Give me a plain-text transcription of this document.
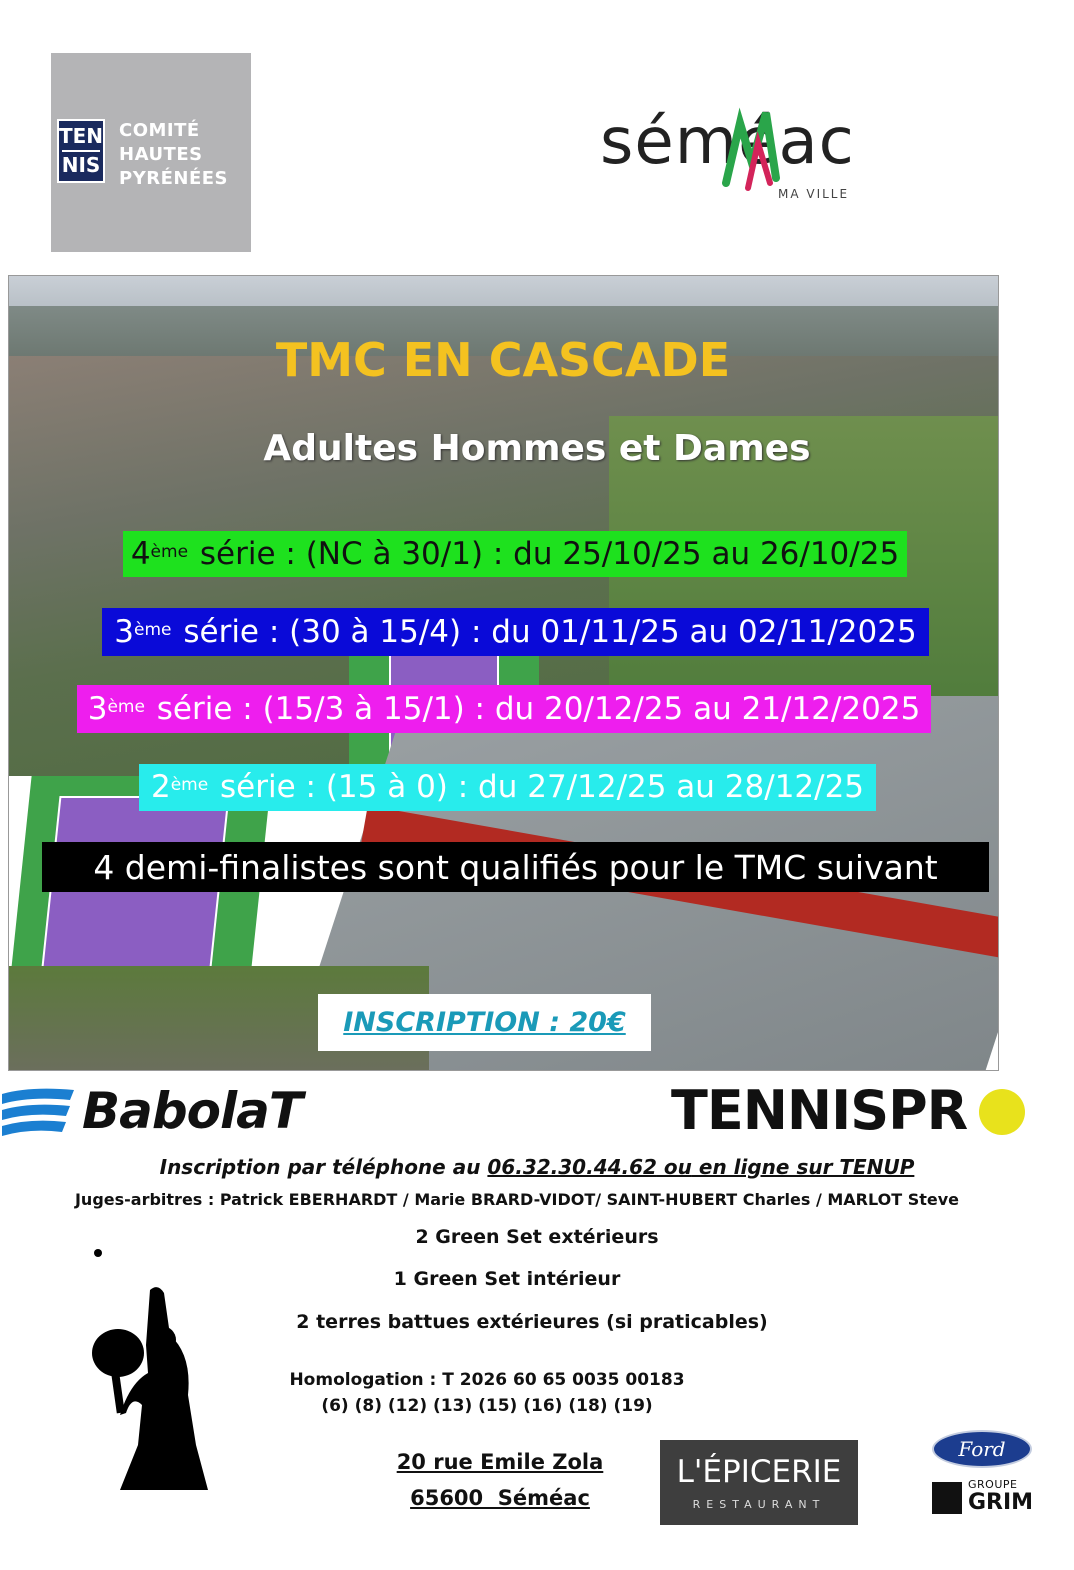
TEN
NIS
COMITÉ
HAUTES
PYRÉNÉES	séméac
MA VILLE
TMC EN CASCADE
Adultes Hommes et Dames
4ème série : (NC à 30/1) : du 25/10/25 au 26/10/25
3ème série : (30 à 15/4) : du 01/11/25 au 02/11/2025
3ème série : (15/3 à 15/1) : du 20/12/25 au 21/12/2025
2ème série : (15 à 0) : du 27/12/25 au 28/12/25
4 demi-finalistes sont qualifiés pour le TMC suivant
INSCRIPTION : 20€
BabolaT	TENNISPR
Inscription par téléphone au 06.32.30.44.62 ou en ligne sur TENUP
Juges-arbitres : Patrick EBERHARDT / Marie BRARD-VIDOT/ SAINT-HUBERT Charles / MARLOT Steve
2 Green Set extérieurs
1 Green Set intérieur
2 terres battues extérieures (si praticables)
Homologation : T 2026 60 65 0035 00183
(6) (8) (12) (13) (15) (16) (18) (19)
20 rue Emile Zola
65600  Séméac
L'ÉPICERIE
RESTAURANT
Ford
GROUPE
GRIM
